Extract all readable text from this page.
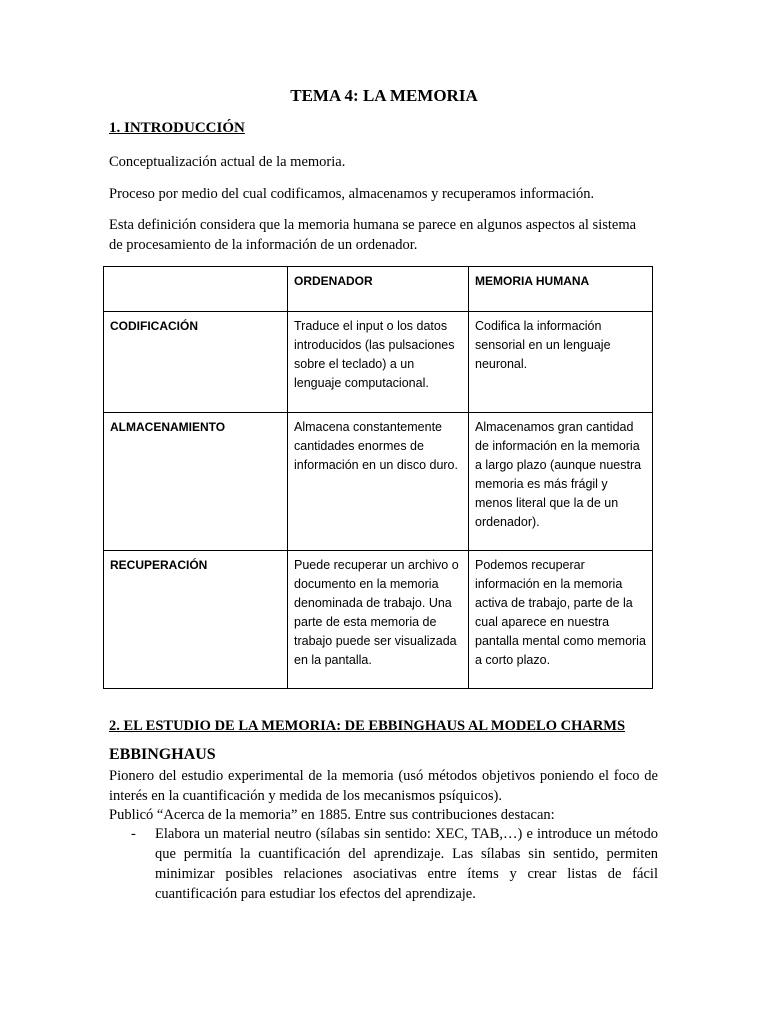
TEMA 4: LA MEMORIA
1. INTRODUCCIÓN
Conceptualización actual de la memoria.
Proceso por medio del cual codificamos, almacenamos y recuperamos información.
Esta definición considera que la memoria humana se parece en algunos aspectos al sistema de procesamiento de la información de un ordenador.
	ORDENADOR	MEMORIA HUMANA
CODIFICACIÓN	Traduce el input o los datos introducidos (las pulsaciones sobre el teclado) a un lenguaje computacional.	Codifica la información sensorial en un lenguaje neuronal.
ALMACENAMIENTO	Almacena constantemente cantidades enormes de información en un disco duro.	Almacenamos gran cantidad de información en la memoria a largo plazo (aunque nuestra memoria es más frágil y menos literal que la de un ordenador).
RECUPERACIÓN	Puede recuperar un archivo o documento en la memoria denominada de trabajo. Una parte de esta memoria de trabajo puede ser visualizada en la pantalla.	Podemos recuperar información en la memoria activa de trabajo, parte de la cual aparece en nuestra pantalla mental como memoria a corto plazo.
2. EL ESTUDIO DE LA MEMORIA: DE EBBINGHAUS AL MODELO CHARMS
EBBINGHAUS
Pionero del estudio experimental de la memoria (usó métodos objetivos poniendo el foco de interés en la cuantificación y medida de los mecanismos psíquicos).
Publicó “Acerca de la memoria” en 1885. Entre sus contribuciones destacan:
- Elabora un material neutro (sílabas sin sentido: XEC, TAB,…) e introduce un método que permitía la cuantificación del aprendizaje. Las sílabas sin sentido, permiten minimizar posibles relaciones asociativas entre ítems y crear listas de fácil cuantificación para estudiar los efectos del aprendizaje.
